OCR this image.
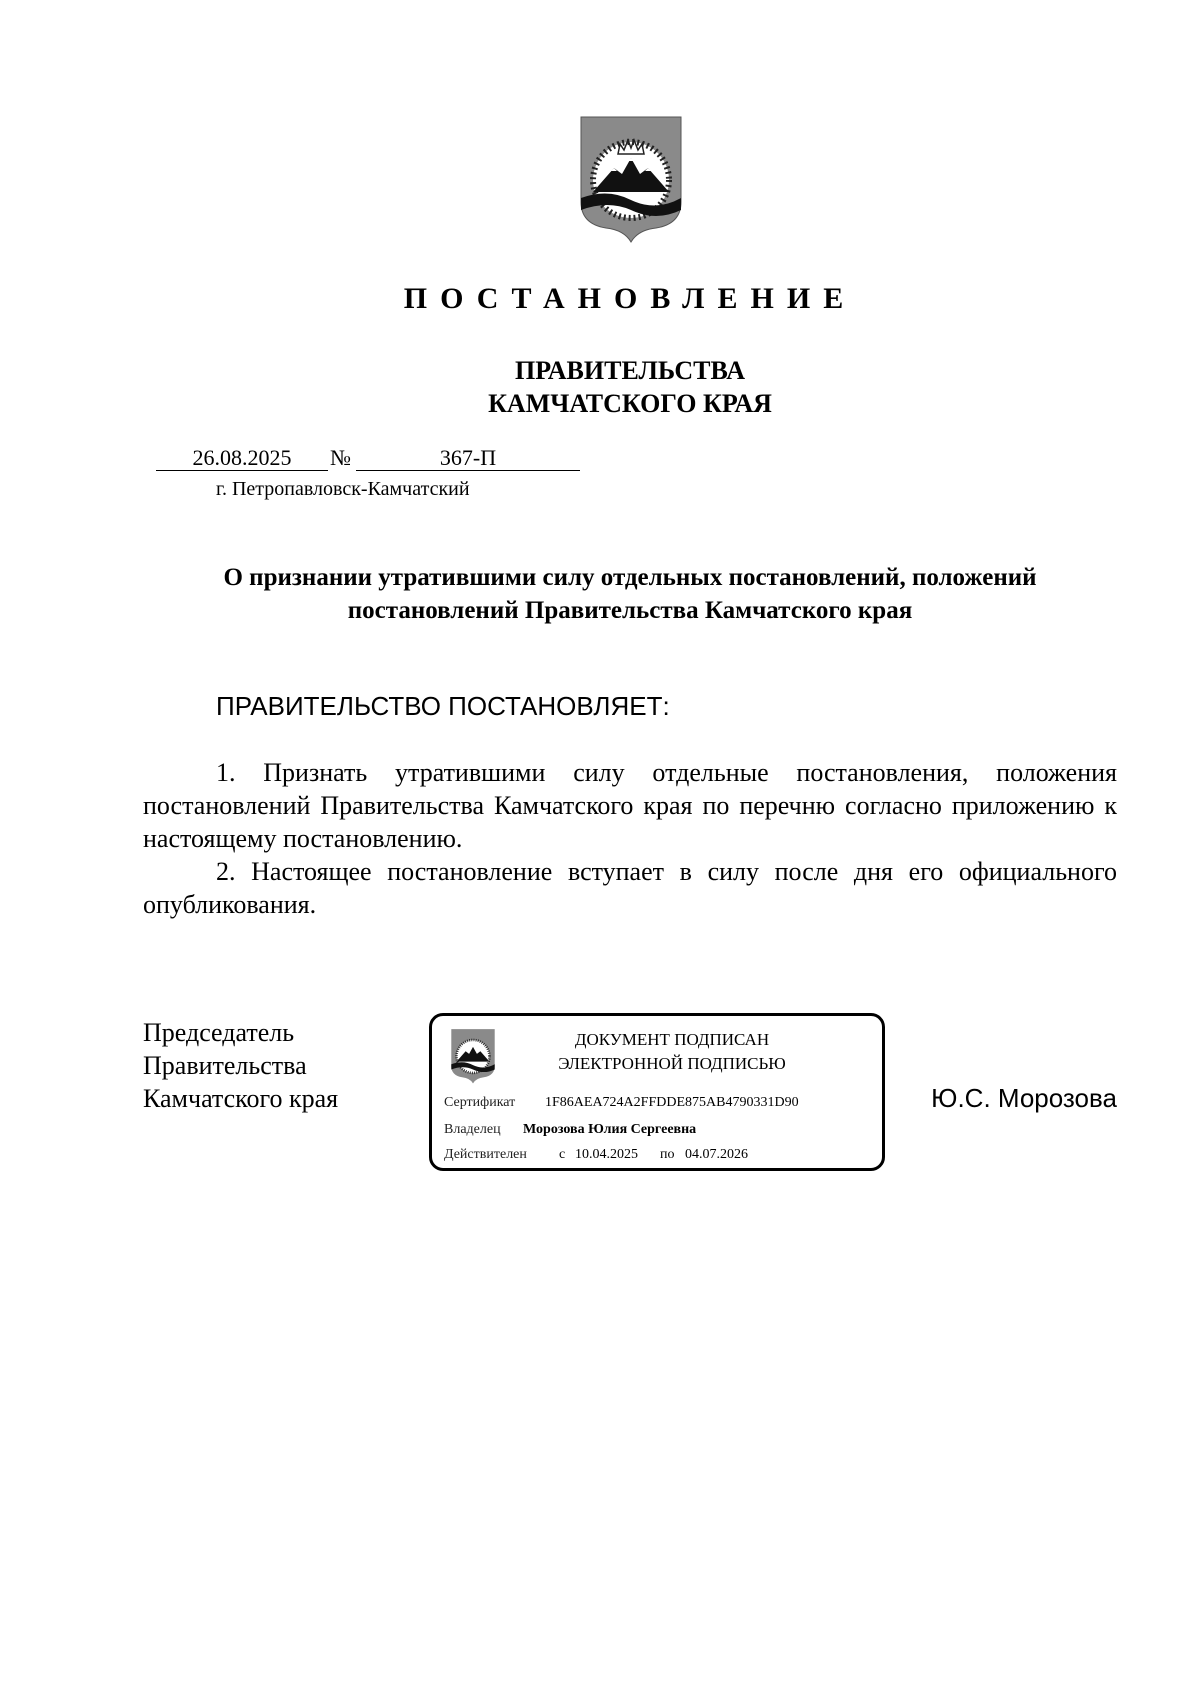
ПОСТАНОВЛЕНИЕ
ПРАВИТЕЛЬСТВА
КАМЧАТСКОГО КРАЯ
26.08.2025	№	367-П
г. Петропавловск-Камчатский
О признании утратившими силу отдельных постановлений, положений
постановлений Правительства Камчатского края
ПРАВИТЕЛЬСТВО ПОСТАНОВЛЯЕТ:

1. Признать утратившими силу отдельные постановления, положения постановлений Правительства Камчатского края по перечню согласно приложению к настоящему постановлению.

2. Настоящее постановление вступает в силу после дня его официального опубликования.

Председатель
Правительства
Камчатского края
ДОКУМЕНТ ПОДПИСАН
ЭЛЕКТРОННОЙ ПОДПИСЬЮ
Сертификат 1F86AEA724A2FFDDE875AB4790331D90
Владелец Морозова Юлия Сергеевна
Действителен с 10.04.2025 по 04.07.2026
Ю.С. Морозова
